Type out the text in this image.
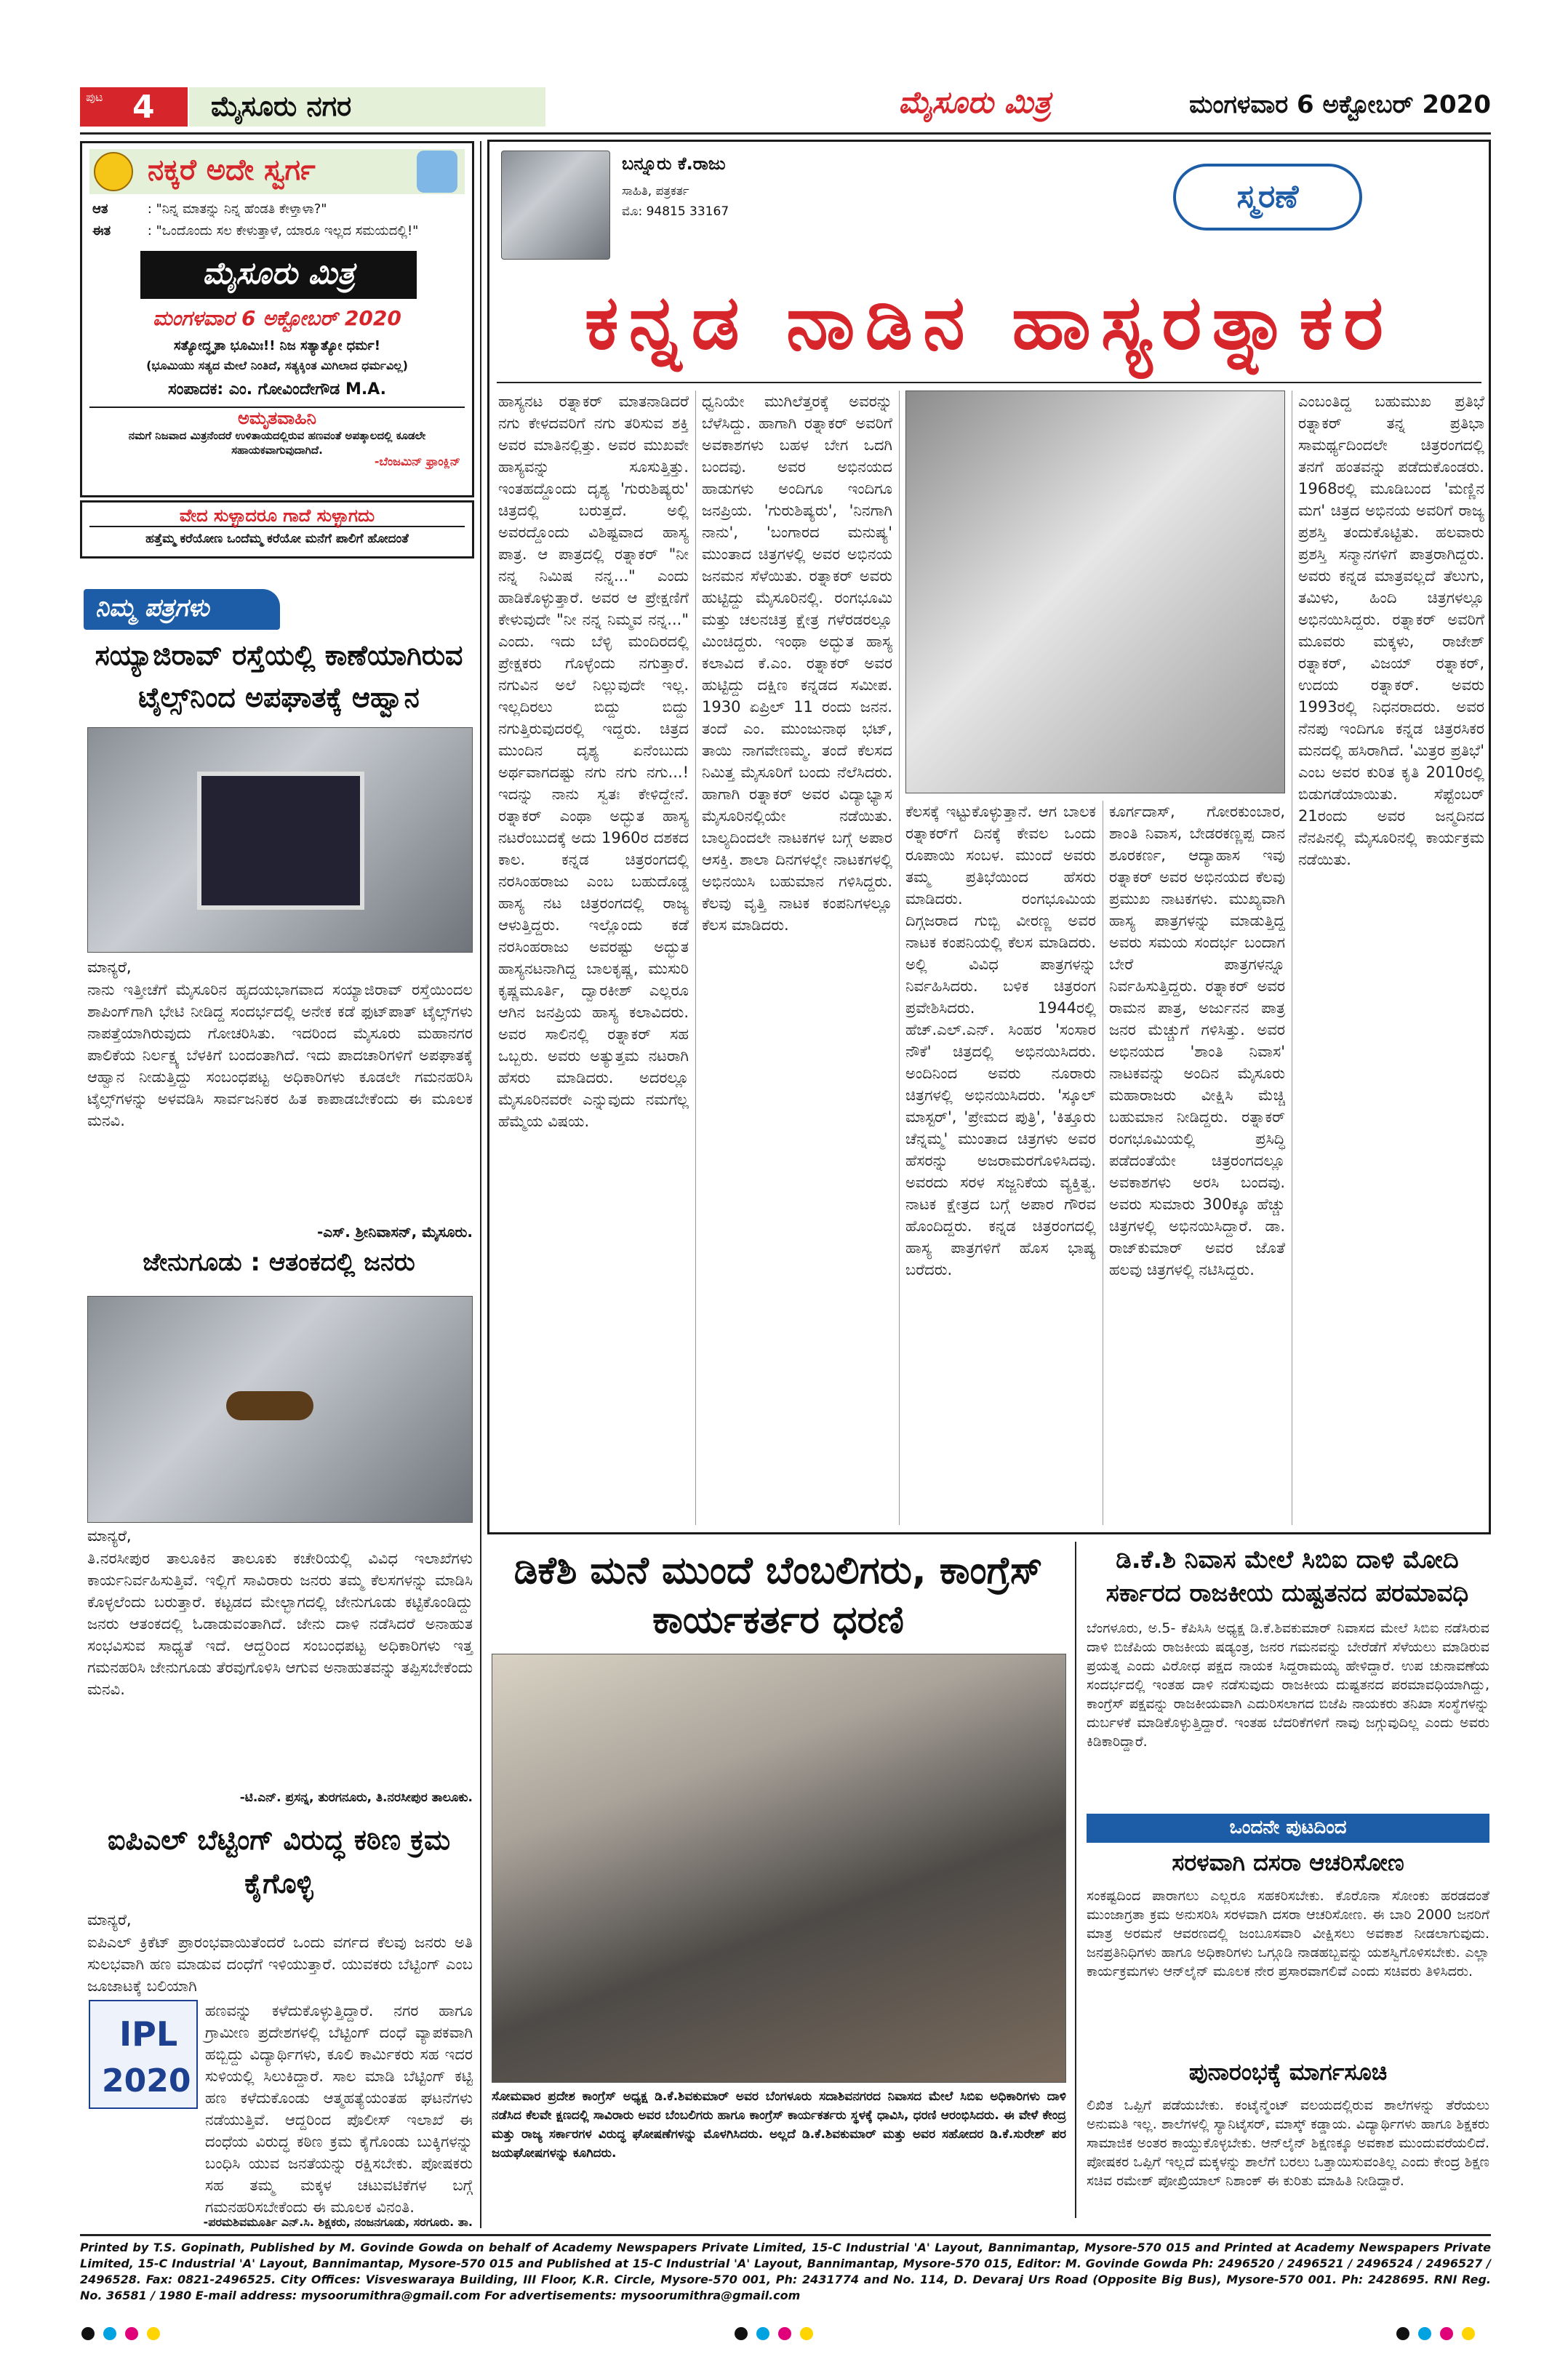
ಪುಟ 4 ಮೈಸೂರು ನಗರ	ಮೈಸೂರು ಮಿತ್ರ	ಮಂಗಳವಾರ 6 ಅಕ್ಟೋಬರ್ 2020
ನಕ್ಕರೆ ಅದೇ ಸ್ವರ್ಗ
ಆತ	: "ನಿನ್ನ ಮಾತನ್ನು ನಿನ್ನ ಹೆಂಡತಿ ಕೇಳ್ತಾಳಾ?"
ಈತ	: "ಒಂದೊಂದು ಸಲ ಕೇಳುತ್ತಾಳೆ, ಯಾರೂ ಇಲ್ಲದ ಸಮಯದಲ್ಲಿ!"
ಮೈಸೂರು ಮಿತ್ರ
ಮಂಗಳವಾರ 6 ಅಕ್ಟೋಬರ್ 2020
ಸತ್ಯೋದ್ಧೃತಾ ಭೂಮಿಃ!! ನಿಜ ಸತ್ಯಾತ್ಯೋ ಧರ್ಮ!
(ಭೂಮಿಯು ಸತ್ಯದ ಮೇಲೆ ನಿಂತಿದೆ, ಸತ್ಯಕ್ಕಿಂತ ಮಿಗಿಲಾದ ಧರ್ಮವಿಲ್ಲ)
ಸಂಪಾದಕ: ಎಂ. ಗೋವಿಂದೇಗೌಡ M.A.
ಅಮೃತವಾಹಿನಿ
ನಮಗೆ ನಿಜವಾದ ಮಿತ್ರನೆಂದರೆ ಉಳಿತಾಯದಲ್ಲಿರುವ ಹಣವಂತೆ ಅಪತ್ಕಾಲದಲ್ಲಿ ಕೂಡಲೇ ಸಹಾಯಕವಾಗುವುದಾಗಿದೆ.
-ಬೆಂಜಮಿನ್ ಫ್ರಾಂಕ್ಲಿನ್
ವೇದ ಸುಳ್ಳಾದರೂ ಗಾದೆ ಸುಳ್ಳಾಗದು
ಹತ್ತೆಮ್ಮ ಕರೆಯೋಣ ಒಂದೆಮ್ಮ ಕರೆಯೋ ಮನೆಗೆ ಪಾಲಿಗೆ ಹೋದಂತೆ
ನಿಮ್ಮ ಪತ್ರಗಳು
ಸಯ್ಯಾಜಿರಾವ್ ರಸ್ತೆಯಲ್ಲಿ ಕಾಣೆಯಾಗಿರುವ ಟೈಲ್ಸ್‌ನಿಂದ ಅಪಘಾತಕ್ಕೆ ಆಹ್ವಾನ
ಮಾನ್ಯರೆ,
ನಾನು ಇತ್ತೀಚೆಗೆ ಮೈಸೂರಿನ ಹೃದಯಭಾಗವಾದ ಸಯ್ಯಾಜಿರಾವ್ ರಸ್ತೆಯಿಂದಲ ಶಾಪಿಂಗ್‌ಗಾಗಿ ಭೇಟಿ ನೀಡಿದ್ದ ಸಂದರ್ಭದಲ್ಲಿ ಅನೇಕ ಕಡೆ ಫುಟ್‌ಪಾತ್ ಟೈಲ್ಸ್‌ಗಳು ನಾಪತ್ತೆಯಾಗಿರುವುದು ಗೋಚರಿಸಿತು. ಇದರಿಂದ ಮೈಸೂರು ಮಹಾನಗರ ಪಾಲಿಕೆಯ ನಿರ್ಲಕ್ಷ್ಯ ಬೆಳಕಿಗೆ ಬಂದಂತಾಗಿದೆ. ಇದು ಪಾದಚಾರಿಗಳಿಗೆ ಅಪಘಾತಕ್ಕೆ ಆಹ್ವಾನ ನೀಡುತ್ತಿದ್ದು ಸಂಬಂಧಪಟ್ಟ ಅಧಿಕಾರಿಗಳು ಕೂಡಲೇ ಗಮನಹರಿಸಿ ಟೈಲ್ಸ್‌ಗಳನ್ನು ಅಳವಡಿಸಿ ಸಾರ್ವಜನಿಕರ ಹಿತ ಕಾಪಾಡಬೇಕೆಂದು ಈ ಮೂಲಕ ಮನವಿ.
-ಎಸ್. ಶ್ರೀನಿವಾಸನ್, ಮೈಸೂರು.
ಜೇನುಗೂಡು : ಆತಂಕದಲ್ಲಿ ಜನರು
ಮಾನ್ಯರೆ,
ತಿ.ನರಸೀಪುರ ತಾಲೂಕಿನ ತಾಲೂಕು ಕಚೇರಿಯಲ್ಲಿ ವಿವಿಧ ಇಲಾಖೆಗಳು ಕಾರ್ಯನಿರ್ವಹಿಸುತ್ತಿವೆ. ಇಲ್ಲಿಗೆ ಸಾವಿರಾರು ಜನರು ತಮ್ಮ ಕೆಲಸಗಳನ್ನು ಮಾಡಿಸಿ ಕೊಳ್ಳಲೆಂದು ಬರುತ್ತಾರೆ. ಕಟ್ಟಡದ ಮೇಲ್ಭಾಗದಲ್ಲಿ ಜೇನುಗೂಡು ಕಟ್ಟಿಕೊಂಡಿದ್ದು ಜನರು ಆತಂಕದಲ್ಲಿ ಓಡಾಡುವಂತಾಗಿದೆ. ಜೇನು ದಾಳಿ ನಡೆಸಿದರೆ ಅನಾಹುತ ಸಂಭವಿಸುವ ಸಾಧ್ಯತೆ ಇದೆ. ಆದ್ದರಿಂದ ಸಂಬಂಧಪಟ್ಟ ಅಧಿಕಾರಿಗಳು ಇತ್ತ ಗಮನಹರಿಸಿ ಜೇನುಗೂಡು ತೆರವುಗೊಳಿಸಿ ಆಗುವ ಅನಾಹುತವನ್ನು ತಪ್ಪಿಸಬೇಕೆಂದು ಮನವಿ.
-ಟಿ.ಎನ್. ಪ್ರಸನ್ನ, ತುರಗನೂರು, ತಿ.ನರಸೀಪುರ ತಾಲೂಕು.
ಐಪಿಎಲ್ ಬೆಟ್ಟಿಂಗ್ ವಿರುದ್ಧ ಕಠಿಣ ಕ್ರಮ ಕೈಗೊಳ್ಳಿ
ಮಾನ್ಯರೆ,
ಐಪಿಎಲ್ ಕ್ರಿಕೆಟ್ ಪ್ರಾರಂಭವಾಯಿತೆಂದರೆ ಒಂದು ವರ್ಗದ ಕೆಲವು ಜನರು ಅತಿ ಸುಲಭವಾಗಿ ಹಣ ಮಾಡುವ ದಂಧೆಗೆ ಇಳಿಯುತ್ತಾರೆ. ಯುವಕರು ಬೆಟ್ಟಿಂಗ್ ಎಂಬ ಜೂಜಾಟಕ್ಕೆ ಬಲಿಯಾಗಿ
IPL
2020
ಹಣವನ್ನು ಕಳೆದುಕೊಳ್ಳುತ್ತಿದ್ದಾರೆ. ನಗರ ಹಾಗೂ ಗ್ರಾಮೀಣ ಪ್ರದೇಶಗಳಲ್ಲಿ ಬೆಟ್ಟಿಂಗ್ ದಂಧೆ ವ್ಯಾಪಕವಾಗಿ ಹಬ್ಬಿದ್ದು ವಿದ್ಯಾರ್ಥಿಗಳು, ಕೂಲಿ ಕಾರ್ಮಿಕರು ಸಹ ಇದರ ಸುಳಿಯಲ್ಲಿ ಸಿಲುಕಿದ್ದಾರೆ. ಸಾಲ ಮಾಡಿ ಬೆಟ್ಟಿಂಗ್ ಕಟ್ಟಿ ಹಣ ಕಳೆದುಕೊಂಡು ಆತ್ಮಹತ್ಯೆಯಂತಹ ಘಟನೆಗಳು ನಡೆಯುತ್ತಿವೆ. ಆದ್ದರಿಂದ ಪೊಲೀಸ್ ಇಲಾಖೆ ಈ ದಂಧೆಯ ವಿರುದ್ಧ ಕಠಿಣ ಕ್ರಮ ಕೈಗೊಂಡು ಬುಕ್ಕಿಗಳನ್ನು ಬಂಧಿಸಿ ಯುವ ಜನತೆಯನ್ನು ರಕ್ಷಿಸಬೇಕು. ಪೋಷಕರು ಸಹ ತಮ್ಮ ಮಕ್ಕಳ ಚಟುವಟಿಕೆಗಳ ಬಗ್ಗೆ ಗಮನಹರಿಸಬೇಕೆಂದು ಈ ಮೂಲಕ ವಿನಂತಿ.
-ಪರಮಶಿವಮೂರ್ತಿ ಎನ್.ಸಿ. ಶಿಕ್ಷಕರು, ನಂಜನಗೂಡು, ಸರಗೂರು. ತಾ.
ಬನ್ನೂರು ಕೆ.ರಾಜು
ಸಾಹಿತಿ, ಪತ್ರಕರ್ತ
ಮೊ: 94815 33167	ಸ್ಮರಣೆ
ಕನ್ನಡ ನಾಡಿನ ಹಾಸ್ಯರತ್ನಾಕರ
ಹಾಸ್ಯನಟ ರತ್ನಾಕರ್ ಮಾತನಾಡಿದರೆ ನಗು ಕೇಳದವರಿಗೆ ನಗು ತರಿಸುವ ಶಕ್ತಿ ಅವರ ಮಾತಿನಲ್ಲಿತ್ತು. ಅವರ ಮುಖವೇ ಹಾಸ್ಯವನ್ನು ಸೂಸುತ್ತಿತ್ತು. ಇಂತಹದ್ದೊಂದು ದೃಶ್ಯ 'ಗುರುಶಿಷ್ಯರು' ಚಿತ್ರದಲ್ಲಿ ಬರುತ್ತದೆ. ಅಲ್ಲಿ ಅವರದ್ದೊಂದು ವಿಶಿಷ್ಟವಾದ ಹಾಸ್ಯ ಪಾತ್ರ. ಆ ಪಾತ್ರದಲ್ಲಿ ರತ್ನಾಕರ್ "ನೀ ನನ್ನ ನಿಮಿಷ ನನ್ನ..." ಎಂದು ಹಾಡಿಕೊಳ್ಳುತ್ತಾರೆ. ಅವರ ಆ ಪ್ರೇಕ್ಷಣಿಗೆ ಕೇಳುವುದೇ "ನೀ ನನ್ನ ನಿಮ್ಮವ ನನ್ನ..." ಎಂದು. ಇದು ಬೆಳ್ಳಿ ಮಂದಿರದಲ್ಲಿ ಪ್ರೇಕ್ಷಕರು ಗೊಳ್ಳೆಂದು ನಗುತ್ತಾರೆ. ನಗುವಿನ ಅಲೆ ನಿಲ್ಲುವುದೇ ಇಲ್ಲ. ಇಲ್ಲದಿರಲು ಬಿದ್ದು ಬಿದ್ದು ನಗುತ್ತಿರುವುದರಲ್ಲಿ ಇದ್ದರು. ಚಿತ್ರದ ಮುಂದಿನ ದೃಶ್ಯ ಏನೆಂಬುದು ಅರ್ಥವಾಗದಷ್ಟು ನಗು ನಗು ನಗು...! ಇದನ್ನು ನಾನು ಸ್ವತಃ ಕೇಳಿದ್ದೇನೆ. ರತ್ನಾಕರ್ ಎಂಥಾ ಅದ್ಭುತ ಹಾಸ್ಯ ನಟರೆಂಬುದಕ್ಕೆ ಅದು 1960ರ ದಶಕದ ಕಾಲ. ಕನ್ನಡ ಚಿತ್ರರಂಗದಲ್ಲಿ ನರಸಿಂಹರಾಜು ಎಂಬ ಬಹುದೊಡ್ಡ ಹಾಸ್ಯ ನಟ ಚಿತ್ರರಂಗದಲ್ಲಿ ರಾಜ್ಯ ಆಳುತ್ತಿದ್ದರು. ಇಲ್ಲೊಂದು ಕಡೆ ನರಸಿಂಹರಾಜು ಅವರಷ್ಟು ಅದ್ಭುತ ಹಾಸ್ಯನಟನಾಗಿದ್ದ ಬಾಲಕೃಷ್ಣ, ಮುಸುರಿ ಕೃಷ್ಣಮೂರ್ತಿ, ದ್ವಾರಕೀಶ್ ಎಲ್ಲರೂ ಆಗಿನ ಜನಪ್ರಿಯ ಹಾಸ್ಯ ಕಲಾವಿದರು. ಅವರ ಸಾಲಿನಲ್ಲಿ ರತ್ನಾಕರ್ ಸಹ ಒಬ್ಬರು. ಅವರು ಅತ್ಯುತ್ತಮ ನಟರಾಗಿ ಹೆಸರು ಮಾಡಿದರು. ಅದರಲ್ಲೂ ಮೈಸೂರಿನವರೇ ಎನ್ನುವುದು ನಮಗೆಲ್ಲ ಹೆಮ್ಮೆಯ ವಿಷಯ.
ಧ್ವನಿಯೇ ಮುಗಿಲೆತ್ತರಕ್ಕೆ ಅವರನ್ನು ಬೆಳೆಸಿದ್ದು. ಹಾಗಾಗಿ ರತ್ನಾಕರ್ ಅವರಿಗೆ ಅವಕಾಶಗಳು ಬಹಳ ಬೇಗ ಒದಗಿ ಬಂದವು. ಅವರ ಅಭಿನಯದ ಹಾಡುಗಳು ಅಂದಿಗೂ ಇಂದಿಗೂ ಜನಪ್ರಿಯ. 'ಗುರುಶಿಷ್ಯರು', 'ನಿನಗಾಗಿ ನಾನು', 'ಬಂಗಾರದ ಮನುಷ್ಯ' ಮುಂತಾದ ಚಿತ್ರಗಳಲ್ಲಿ ಅವರ ಅಭಿನಯ ಜನಮನ ಸೆಳೆಯಿತು. ರತ್ನಾಕರ್ ಅವರು ಹುಟ್ಟಿದ್ದು ಮೈಸೂರಿನಲ್ಲಿ. ರಂಗಭೂಮಿ ಮತ್ತು ಚಲನಚಿತ್ರ ಕ್ಷೇತ್ರ ಗಳೆರಡರಲ್ಲೂ ಮಿಂಚಿದ್ದರು. ಇಂಥಾ ಅದ್ಭುತ ಹಾಸ್ಯ ಕಲಾವಿದ ಕೆ.ಎಂ. ರತ್ನಾಕರ್ ಅವರ ಹುಟ್ಟಿದ್ದು ದಕ್ಷಿಣ ಕನ್ನಡದ ಸಮೀಪ. 1930 ಏಪ್ರಿಲ್ 11 ರಂದು ಜನನ. ತಂದೆ ಎಂ. ಮುಂಜುನಾಥ ಭಟ್, ತಾಯಿ ನಾಗವೇಣಮ್ಮ. ತಂದೆ ಕೆಲಸದ ನಿಮಿತ್ತ ಮೈಸೂರಿಗೆ ಬಂದು ನೆಲೆಸಿದರು. ಹಾಗಾಗಿ ರತ್ನಾಕರ್ ಅವರ ವಿದ್ಯಾಭ್ಯಾಸ ಮೈಸೂರಿನಲ್ಲಿಯೇ ನಡೆಯಿತು. ಬಾಲ್ಯದಿಂದಲೇ ನಾಟಕಗಳ ಬಗ್ಗೆ ಅಪಾರ ಆಸಕ್ತಿ. ಶಾಲಾ ದಿನಗಳಲ್ಲೇ ನಾಟಕಗಳಲ್ಲಿ ಅಭಿನಯಿಸಿ ಬಹುಮಾನ ಗಳಿಸಿದ್ದರು. ಕೆಲವು ವೃತ್ತಿ ನಾಟಕ ಕಂಪನಿಗಳಲ್ಲೂ ಕೆಲಸ ಮಾಡಿದರು.
ಕೆಲಸಕ್ಕೆ ಇಟ್ಟುಕೊಳ್ಳುತ್ತಾನೆ. ಆಗ ಬಾಲಕ ರತ್ನಾಕರ್‌ಗೆ ದಿನಕ್ಕೆ ಕೇವಲ ಒಂದು ರೂಪಾಯಿ ಸಂಬಳ. ಮುಂದೆ ಅವರು ತಮ್ಮ ಪ್ರತಿಭೆಯಿಂದ ಹೆಸರು ಮಾಡಿದರು. ರಂಗಭೂಮಿಯ ದಿಗ್ಗಜರಾದ ಗುಬ್ಬಿ ವೀರಣ್ಣ ಅವರ ನಾಟಕ ಕಂಪನಿಯಲ್ಲಿ ಕೆಲಸ ಮಾಡಿದರು. ಅಲ್ಲಿ ವಿವಿಧ ಪಾತ್ರಗಳನ್ನು ನಿರ್ವಹಿಸಿದರು. ಬಳಿಕ ಚಿತ್ರರಂಗ ಪ್ರವೇಶಿಸಿದರು. 1944ರಲ್ಲಿ ಹೆಚ್.ಎಲ್.ಎನ್. ಸಿಂಹರ 'ಸಂಸಾರ ನೌಕೆ' ಚಿತ್ರದಲ್ಲಿ ಅಭಿನಯಿಸಿದರು. ಅಂದಿನಿಂದ ಅವರು ನೂರಾರು ಚಿತ್ರಗಳಲ್ಲಿ ಅಭಿನಯಿಸಿದರು. 'ಸ್ಕೂಲ್ ಮಾಸ್ಟರ್', 'ಪ್ರೇಮದ ಪುತ್ರಿ', 'ಕಿತ್ತೂರು ಚೆನ್ನಮ್ಮ' ಮುಂತಾದ ಚಿತ್ರಗಳು ಅವರ ಹೆಸರನ್ನು ಅಜರಾಮರಗೊಳಿಸಿದವು. ಅವರದು ಸರಳ ಸಜ್ಜನಿಕೆಯ ವ್ಯಕ್ತಿತ್ವ. ನಾಟಕ ಕ್ಷೇತ್ರದ ಬಗ್ಗೆ ಅಪಾರ ಗೌರವ ಹೊಂದಿದ್ದರು. ಕನ್ನಡ ಚಿತ್ರರಂಗದಲ್ಲಿ ಹಾಸ್ಯ ಪಾತ್ರಗಳಿಗೆ ಹೊಸ ಭಾಷ್ಯ ಬರೆದರು.
ಕೂರ್ಗದಾಸ್, ಗೋರಕುಂಬಾರ, ಶಾಂತಿ ನಿವಾಸ, ಬೇಡರಕಣ್ಣಪ್ಪ ದಾನ ಶೂರಕರ್ಣ, ಆದ್ಯಾಹಾಸ ಇವು ರತ್ನಾಕರ್ ಅವರ ಅಭಿನಯದ ಕೆಲವು ಪ್ರಮುಖ ನಾಟಕಗಳು. ಮುಖ್ಯವಾಗಿ ಹಾಸ್ಯ ಪಾತ್ರಗಳನ್ನು ಮಾಡುತ್ತಿದ್ದ ಅವರು ಸಮಯ ಸಂದರ್ಭ ಬಂದಾಗ ಬೇರೆ ಪಾತ್ರಗಳನ್ನೂ ನಿರ್ವಹಿಸುತ್ತಿದ್ದರು. ರತ್ನಾಕರ್ ಅವರ ರಾಮನ ಪಾತ್ರ, ಅರ್ಜುನನ ಪಾತ್ರ ಜನರ ಮೆಚ್ಚುಗೆ ಗಳಿಸಿತ್ತು. ಅವರ ಅಭಿನಯದ 'ಶಾಂತಿ ನಿವಾಸ' ನಾಟಕವನ್ನು ಅಂದಿನ ಮೈಸೂರು ಮಹಾರಾಜರು ವೀಕ್ಷಿಸಿ ಮೆಚ್ಚಿ ಬಹುಮಾನ ನೀಡಿದ್ದರು. ರತ್ನಾಕರ್ ರಂಗಭೂಮಿಯಲ್ಲಿ ಪ್ರಸಿದ್ಧಿ ಪಡೆದಂತೆಯೇ ಚಿತ್ರರಂಗದಲ್ಲೂ ಅವಕಾಶಗಳು ಅರಸಿ ಬಂದವು. ಅವರು ಸುಮಾರು 300ಕ್ಕೂ ಹೆಚ್ಚು ಚಿತ್ರಗಳಲ್ಲಿ ಅಭಿನಯಿಸಿದ್ದಾರೆ. ಡಾ. ರಾಜ್‌ಕುಮಾರ್ ಅವರ ಜೊತೆ ಹಲವು ಚಿತ್ರಗಳಲ್ಲಿ ನಟಿಸಿದ್ದರು.
ಎಂಬಂತಿದ್ದ ಬಹುಮುಖ ಪ್ರತಿಭೆ ರತ್ನಾಕರ್ ತನ್ನ ಪ್ರತಿಭಾ ಸಾಮರ್ಥ್ಯದಿಂದಲೇ ಚಿತ್ರರಂಗದಲ್ಲಿ ತನಗೆ ಹಂತವನ್ನು ಪಡೆದುಕೊಂಡರು. 1968ರಲ್ಲಿ ಮೂಡಿಬಂದ 'ಮಣ್ಣಿನ ಮಗ' ಚಿತ್ರದ ಅಭಿನಯ ಅವರಿಗೆ ರಾಜ್ಯ ಪ್ರಶಸ್ತಿ ತಂದುಕೊಟ್ಟಿತು. ಹಲವಾರು ಪ್ರಶಸ್ತಿ ಸನ್ಮಾನಗಳಿಗೆ ಪಾತ್ರರಾಗಿದ್ದರು. ಅವರು ಕನ್ನಡ ಮಾತ್ರವಲ್ಲದೆ ತೆಲುಗು, ತಮಿಳು, ಹಿಂದಿ ಚಿತ್ರಗಳಲ್ಲೂ ಅಭಿನಯಿಸಿದ್ದರು. ರತ್ನಾಕರ್ ಅವರಿಗೆ ಮೂವರು ಮಕ್ಕಳು, ರಾಜೇಶ್ ರತ್ನಾಕರ್, ವಿಜಯ್ ರತ್ನಾಕರ್, ಉದಯ ರತ್ನಾಕರ್. ಅವರು 1993ರಲ್ಲಿ ನಿಧನರಾದರು. ಅವರ ನೆನಪು ಇಂದಿಗೂ ಕನ್ನಡ ಚಿತ್ರರಸಿಕರ ಮನದಲ್ಲಿ ಹಸಿರಾಗಿದೆ. 'ಮಿತ್ರರ ಪ್ರತಿಭೆ' ಎಂಬ ಅವರ ಕುರಿತ ಕೃತಿ 2010ರಲ್ಲಿ ಬಿಡುಗಡೆಯಾಯಿತು. ಸೆಪ್ಟೆಂಬರ್ 21ರಂದು ಅವರ ಜನ್ಮದಿನದ ನೆನಪಿನಲ್ಲಿ ಮೈಸೂರಿನಲ್ಲಿ ಕಾರ್ಯಕ್ರಮ ನಡೆಯಿತು.
ಡಿಕೆಶಿ ಮನೆ ಮುಂದೆ ಬೆಂಬಲಿಗರು, ಕಾಂಗ್ರೆಸ್ ಕಾರ್ಯಕರ್ತರ ಧರಣಿ
ಸೋಮವಾರ ಪ್ರದೇಶ ಕಾಂಗ್ರೆಸ್ ಅಧ್ಯಕ್ಷ ಡಿ.ಕೆ.ಶಿವಕುಮಾರ್ ಅವರ ಬೆಂಗಳೂರು ಸದಾಶಿವನಗರದ ನಿವಾಸದ ಮೇಲೆ ಸಿಬಿಐ ಅಧಿಕಾರಿಗಳು ದಾಳಿ ನಡೆಸಿದ ಕೆಲವೇ ಕ್ಷಣದಲ್ಲಿ ಸಾವಿರಾರು ಅವರ ಬೆಂಬಲಿಗರು ಹಾಗೂ ಕಾಂಗ್ರೆಸ್ ಕಾರ್ಯಕರ್ತರು ಸ್ಥಳಕ್ಕೆ ಧಾವಿಸಿ, ಧರಣಿ ಆರಂಭಿಸಿದರು. ಈ ವೇಳೆ ಕೇಂದ್ರ ಮತ್ತು ರಾಜ್ಯ ಸರ್ಕಾರಗಳ ವಿರುದ್ಧ ಘೋಷಣೆಗಳನ್ನು ಮೊಳಗಿಸಿದರು. ಅಲ್ಲದೆ ಡಿ.ಕೆ.ಶಿವಕುಮಾರ್ ಮತ್ತು ಅವರ ಸಹೋದರ ಡಿ.ಕೆ.ಸುರೇಶ್ ಪರ ಜಯಘೋಷಗಳನ್ನು ಕೂಗಿದರು.
ಡಿ.ಕೆ.ಶಿ ನಿವಾಸ ಮೇಲೆ ಸಿಬಿಐ ದಾಳಿ ಮೋದಿ ಸರ್ಕಾರದ ರಾಜಕೀಯ ದುಷ್ಟತನದ ಪರಮಾವಧಿ
ಬೆಂಗಳೂರು, ಅ.5- ಕೆಪಿಸಿಸಿ ಅಧ್ಯಕ್ಷ ಡಿ.ಕೆ.ಶಿವಕುಮಾರ್ ನಿವಾಸದ ಮೇಲೆ ಸಿಬಿಐ ನಡೆಸಿರುವ ದಾಳಿ ಬಿಜೆಪಿಯ ರಾಜಕೀಯ ಷಡ್ಯಂತ್ರ, ಜನರ ಗಮನವನ್ನು ಬೇರೆಡೆಗೆ ಸೆಳೆಯಲು ಮಾಡಿರುವ ಪ್ರಯತ್ನ ಎಂದು ವಿರೋಧ ಪಕ್ಷದ ನಾಯಕ ಸಿದ್ದರಾಮಯ್ಯ ಹೇಳಿದ್ದಾರೆ. ಉಪ ಚುನಾವಣೆಯ ಸಂದರ್ಭದಲ್ಲಿ ಇಂತಹ ದಾಳಿ ನಡೆಸುವುದು ರಾಜಕೀಯ ದುಷ್ಟತನದ ಪರಮಾವಧಿಯಾಗಿದ್ದು, ಕಾಂಗ್ರೆಸ್ ಪಕ್ಷವನ್ನು ರಾಜಕೀಯವಾಗಿ ಎದುರಿಸಲಾಗದ ಬಿಜೆಪಿ ನಾಯಕರು ತನಿಖಾ ಸಂಸ್ಥೆಗಳನ್ನು ದುರ್ಬಳಕೆ ಮಾಡಿಕೊಳ್ಳುತ್ತಿದ್ದಾರೆ. ಇಂತಹ ಬೆದರಿಕೆಗಳಿಗೆ ನಾವು ಜಗ್ಗುವುದಿಲ್ಲ ಎಂದು ಅವರು ಕಿಡಿಕಾರಿದ್ದಾರೆ.
ಒಂದನೇ ಪುಟದಿಂದ
ಸರಳವಾಗಿ ದಸರಾ ಆಚರಿಸೋಣ
ಸಂಕಷ್ಟದಿಂದ ಪಾರಾಗಲು ಎಲ್ಲರೂ ಸಹಕರಿಸಬೇಕು. ಕೊರೊನಾ ಸೋಂಕು ಹರಡದಂತೆ ಮುಂಜಾಗ್ರತಾ ಕ್ರಮ ಅನುಸರಿಸಿ ಸರಳವಾಗಿ ದಸರಾ ಆಚರಿಸೋಣ. ಈ ಬಾರಿ 2000 ಜನರಿಗೆ ಮಾತ್ರ ಅರಮನೆ ಆವರಣದಲ್ಲಿ ಜಂಬೂಸವಾರಿ ವೀಕ್ಷಿಸಲು ಅವಕಾಶ ನೀಡಲಾಗುವುದು. ಜನಪ್ರತಿನಿಧಿಗಳು ಹಾಗೂ ಅಧಿಕಾರಿಗಳು ಒಗ್ಗೂಡಿ ನಾಡಹಬ್ಬವನ್ನು ಯಶಸ್ವಿಗೊಳಿಸಬೇಕು. ಎಲ್ಲಾ ಕಾರ್ಯಕ್ರಮಗಳು ಆನ್‌ಲೈನ್ ಮೂಲಕ ನೇರ ಪ್ರಸಾರವಾಗಲಿವೆ ಎಂದು ಸಚಿವರು ತಿಳಿಸಿದರು.
ಪುನಾರಂಭಕ್ಕೆ ಮಾರ್ಗಸೂಚಿ
ಲಿಖಿತ ಒಪ್ಪಿಗೆ ಪಡೆಯಬೇಕು. ಕಂಟೈನ್ಮೆಂಟ್ ವಲಯದಲ್ಲಿರುವ ಶಾಲೆಗಳನ್ನು ತೆರೆಯಲು ಅನುಮತಿ ಇಲ್ಲ. ಶಾಲೆಗಳಲ್ಲಿ ಸ್ಯಾನಿಟೈಸರ್, ಮಾಸ್ಕ್ ಕಡ್ಡಾಯ. ವಿದ್ಯಾರ್ಥಿಗಳು ಹಾಗೂ ಶಿಕ್ಷಕರು ಸಾಮಾಜಿಕ ಅಂತರ ಕಾಯ್ದುಕೊಳ್ಳಬೇಕು. ಆನ್‌ಲೈನ್ ಶಿಕ್ಷಣಕ್ಕೂ ಅವಕಾಶ ಮುಂದುವರೆಯಲಿದೆ. ಪೋಷಕರ ಒಪ್ಪಿಗೆ ಇಲ್ಲದೆ ಮಕ್ಕಳನ್ನು ಶಾಲೆಗೆ ಬರಲು ಒತ್ತಾಯಿಸುವಂತಿಲ್ಲ ಎಂದು ಕೇಂದ್ರ ಶಿಕ್ಷಣ ಸಚಿವ ರಮೇಶ್ ಪೋಖ್ರಿಯಾಲ್ ನಿಶಾಂಕ್ ಈ ಕುರಿತು ಮಾಹಿತಿ ನೀಡಿದ್ದಾರೆ.
Printed by T.S. Gopinath, Published by M. Govinde Gowda on behalf of Academy Newspapers Private Limited, 15-C Industrial 'A' Layout, Bannimantap, Mysore-570 015 and Printed at Academy Newspapers Private Limited, 15-C Industrial 'A' Layout, Bannimantap, Mysore-570 015 and Published at 15-C Industrial 'A' Layout, Bannimantap, Mysore-570 015, Editor: M. Govinde Gowda Ph: 2496520 / 2496521 / 2496524 / 2496527 / 2496528. Fax: 0821-2496525. City Offices: Visveswaraya Building, III Floor, K.R. Circle, Mysore-570 001, Ph: 2431774 and No. 114, D. Devaraj Urs Road (Opposite Big Bus), Mysore-570 001. Ph: 2428695. RNI Reg. No. 36581 / 1980 E-mail address: mysoorumithra@gmail.com For advertisements: mysoorumithra@gmail.com
